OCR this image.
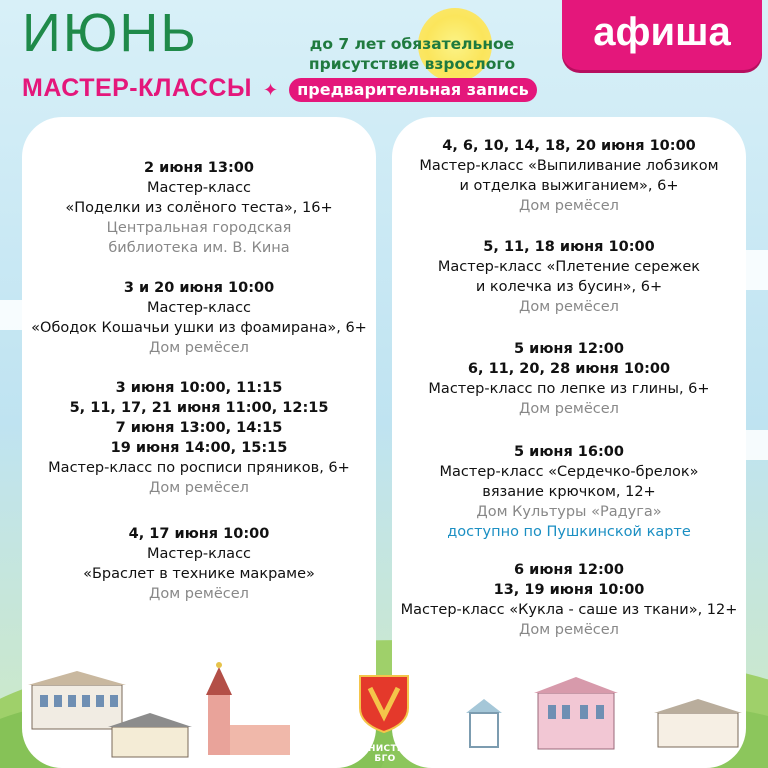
ИЮНЬ
МАСТЕР-КЛАССЫ ✦
до 7 лет обязательное
присутствие взрослого
предварительная запись
афиша
2 июня 13:00
Мастер-класс
«Поделки из солёного теста», 16+
Центральная городская
библиотека им. В. Кина
3 и 20 июня 10:00
Мастер-класс
«Ободок Кошачьи ушки из фоамирана», 6+
Дом ремёсел
3 июня 10:00, 11:15
5, 11, 17, 21 июня 11:00, 12:15
7 июня 13:00, 14:15
19 июня 14:00, 15:15
Мастер-класс по росписи пряников, 6+
Дом ремёсел
4, 17 июня 10:00
Мастер-класс
«Браслет в технике макраме»
Дом ремёсел
4, 6, 10, 14, 18, 20 июня 10:00
Мастер-класс «Выпиливание лобзиком
и отделка выжиганием», 6+
Дом ремёсел
5, 11, 18 июня 10:00
Мастер-класс «Плетение сережек
и колечка из бусин», 6+
Дом ремёсел
5 июня 12:00
6, 11, 20, 28 июня 10:00
Мастер-класс по лепке из глины, 6+
Дом ремёсел
5 июня 16:00
Мастер-класс «Сердечко-брелок»
вязание крючком, 12+
Дом Культуры «Радуга»
доступно по Пушкинской карте
6 июня 12:00
13, 19 июня 10:00
Мастер-класс «Кукла - саше из ткани», 12+
Дом ремёсел
АДМИНИСТРАЦИЯ БГО
